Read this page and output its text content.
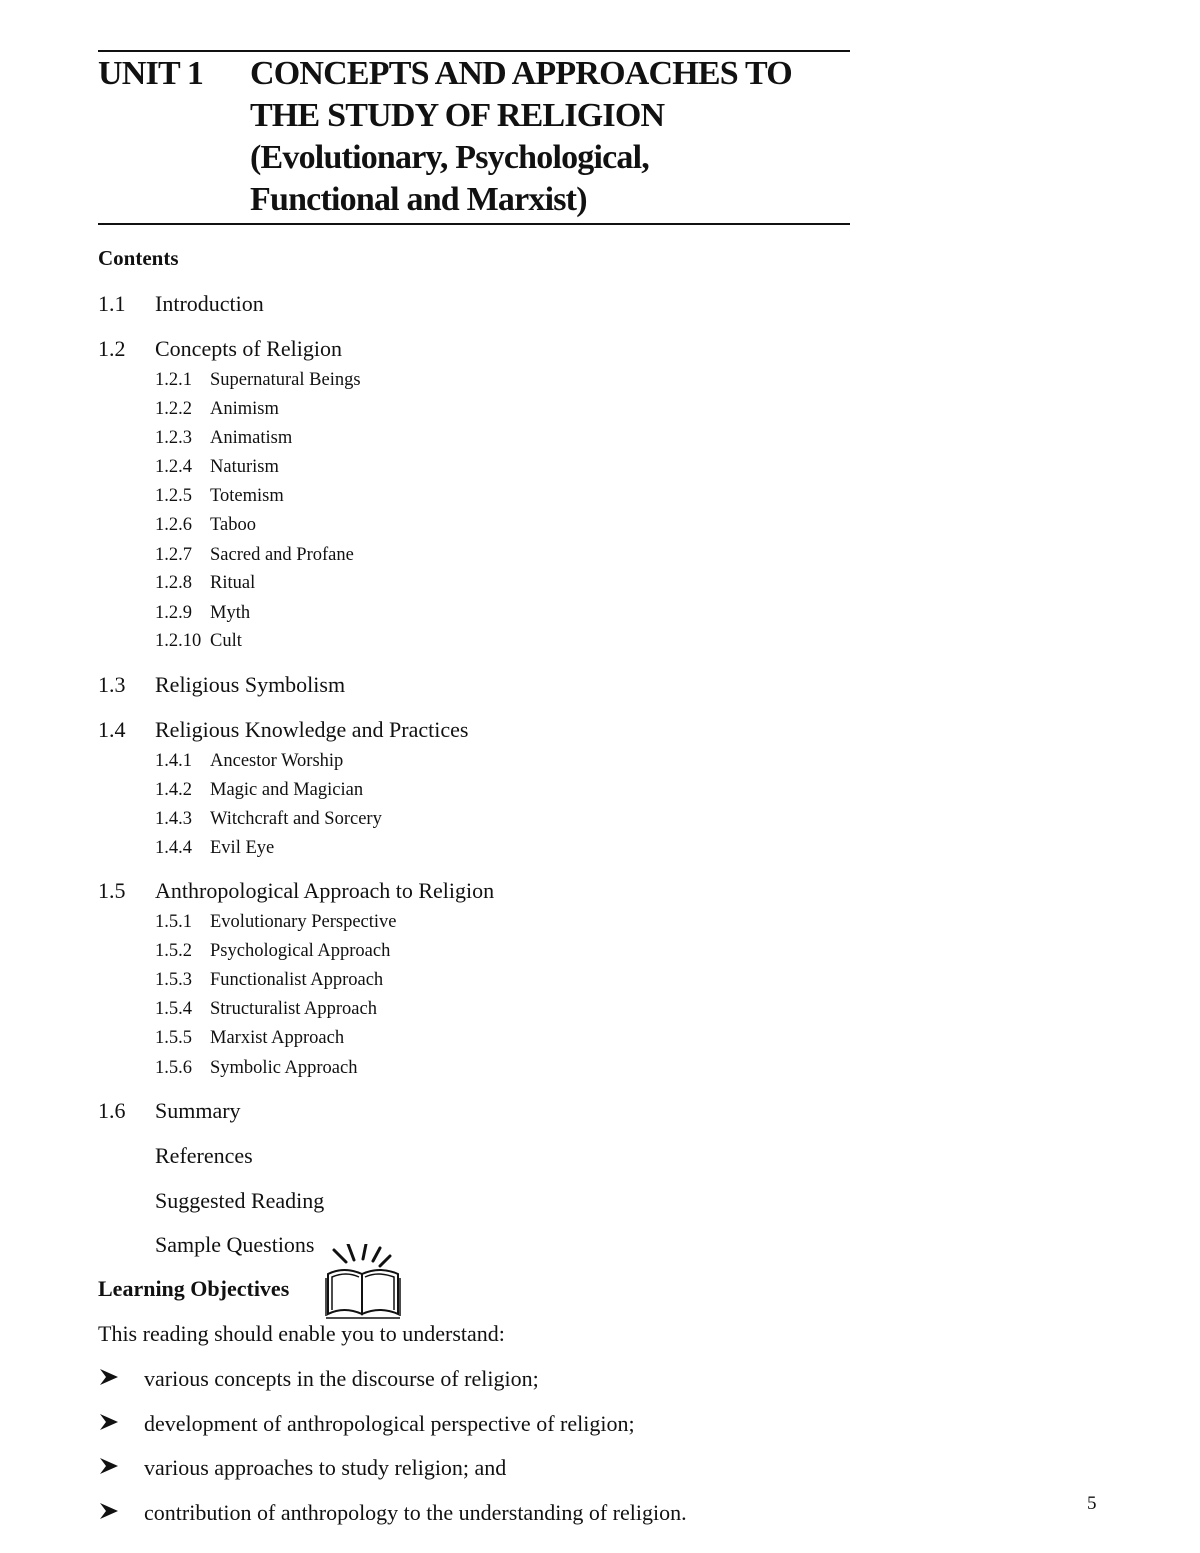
UNIT 1 CONCEPTS AND APPROACHES TO
THE STUDY OF RELIGION
(Evolutionary, Psychological,
Functional and Marxist)
Contents
1.1 Introduction
1.2 Concepts of Religion
1.2.1 Supernatural Beings
1.2.2 Animism
1.2.3 Animatism
1.2.4 Naturism
1.2.5 Totemism
1.2.6 Taboo
1.2.7 Sacred and Profane
1.2.8 Ritual
1.2.9 Myth
1.2.10 Cult
1.3 Religious Symbolism
1.4 Religious Knowledge and Practices
1.4.1 Ancestor Worship
1.4.2 Magic and Magician
1.4.3 Witchcraft and Sorcery
1.4.4 Evil Eye
1.5 Anthropological Approach to Religion
1.5.1 Evolutionary Perspective
1.5.2 Psychological Approach
1.5.3 Functionalist Approach
1.5.4 Structuralist Approach
1.5.5 Marxist Approach
1.5.6 Symbolic Approach
1.6 Summary
References
Suggested Reading
Sample Questions
Learning Objectives
This reading should enable you to understand:
various concepts in the discourse of religion;
development of anthropological perspective of religion;
various approaches to study religion; and
contribution of anthropology to the understanding of religion.	5
